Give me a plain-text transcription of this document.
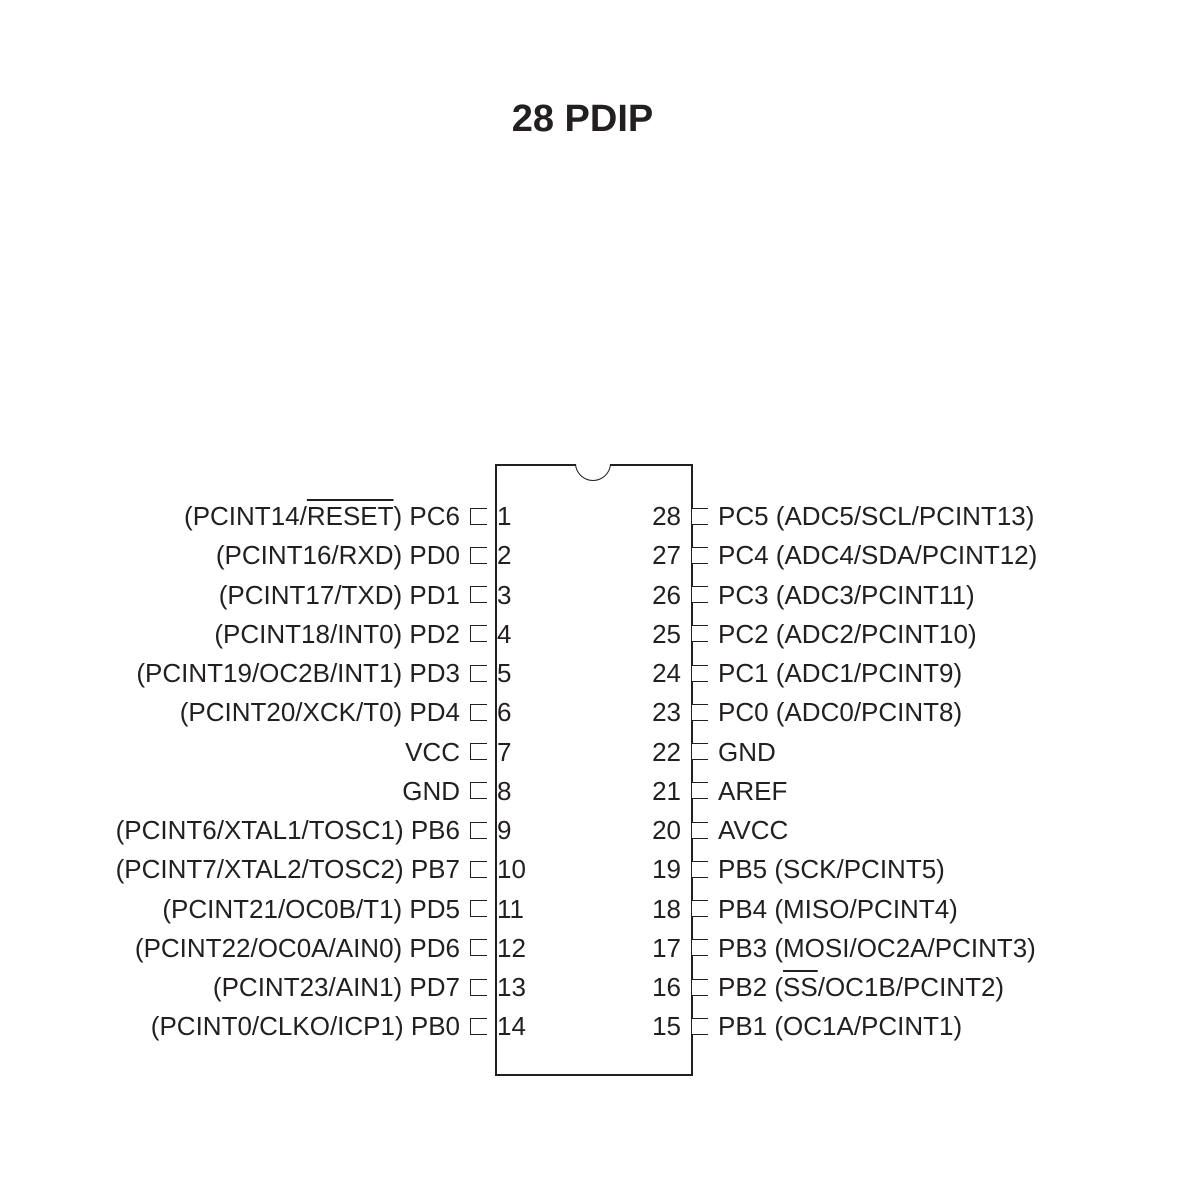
28 PDIP
(PCINT14/RESET) PC6 1
(PCINT16/RXD) PD0 2
(PCINT17/TXD) PD1 3
(PCINT18/INT0) PD2 4
(PCINT19/OC2B/INT1) PD3 5
(PCINT20/XCK/T0) PD4 6
VCC 7
GND 8
(PCINT6/XTAL1/TOSC1) PB6 9
(PCINT7/XTAL2/TOSC2) PB7 10
(PCINT21/OC0B/T1) PD5 11
(PCINT22/OC0A/AIN0) PD6 12
(PCINT23/AIN1) PD7 13
(PCINT0/CLKO/ICP1) PB0 14
28 PC5 (ADC5/SCL/PCINT13)
27 PC4 (ADC4/SDA/PCINT12)
26 PC3 (ADC3/PCINT11)
25 PC2 (ADC2/PCINT10)
24 PC1 (ADC1/PCINT9)
23 PC0 (ADC0/PCINT8)
22 GND
21 AREF
20 AVCC
19 PB5 (SCK/PCINT5)
18 PB4 (MISO/PCINT4)
17 PB3 (MOSI/OC2A/PCINT3)
16 PB2 $(\overline{SS}/OC1B/PCINT2)$
15 PB1 (OC1A/PCINT1)
